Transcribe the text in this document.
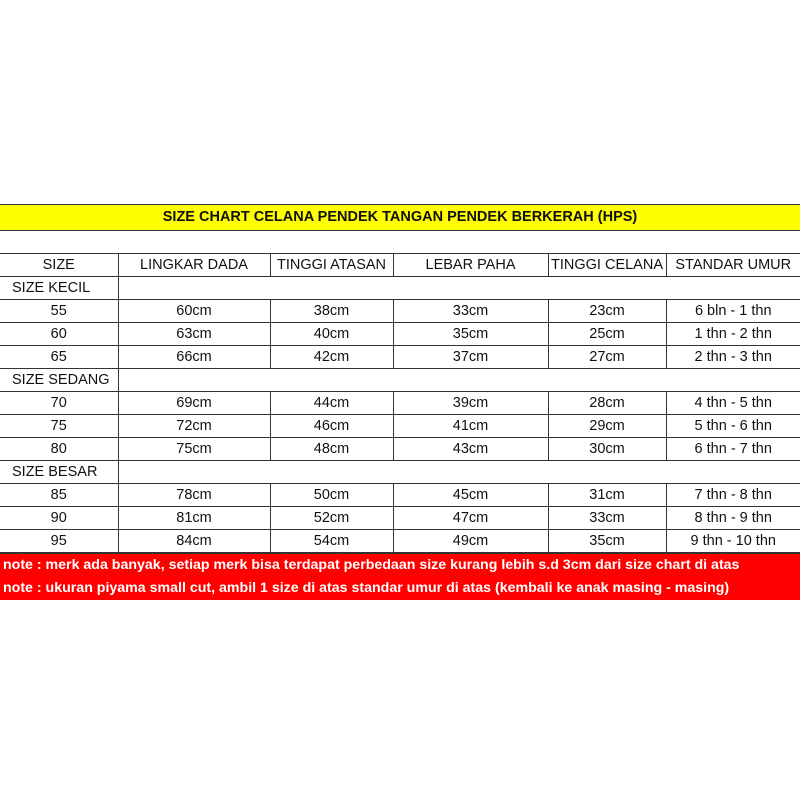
SIZE CHART CELANA PENDEK TANGAN PENDEK BERKERAH (HPS)
SIZE	LINGKAR DADA	TINGGI ATASAN	LEBAR PAHA	TINGGI CELANA	STANDAR UMUR
SIZE KECIL					
55	60cm	38cm	33cm	23cm	6 bln - 1 thn
60	63cm	40cm	35cm	25cm	1 thn - 2 thn
65	66cm	42cm	37cm	27cm	2 thn - 3 thn
SIZE SEDANG					
70	69cm	44cm	39cm	28cm	4 thn - 5 thn
75	72cm	46cm	41cm	29cm	5 thn - 6 thn
80	75cm	48cm	43cm	30cm	6 thn - 7 thn
SIZE BESAR					
85	78cm	50cm	45cm	31cm	7 thn - 8 thn
90	81cm	52cm	47cm	33cm	8 thn - 9 thn
95	84cm	54cm	49cm	35cm	9 thn - 10 thn
note : merk ada banyak, setiap merk bisa terdapat perbedaan size kurang lebih s.d 3cm dari size chart di atas
note : ukuran piyama small cut, ambil 1 size di atas standar umur di atas (kembali ke anak masing - masing)
